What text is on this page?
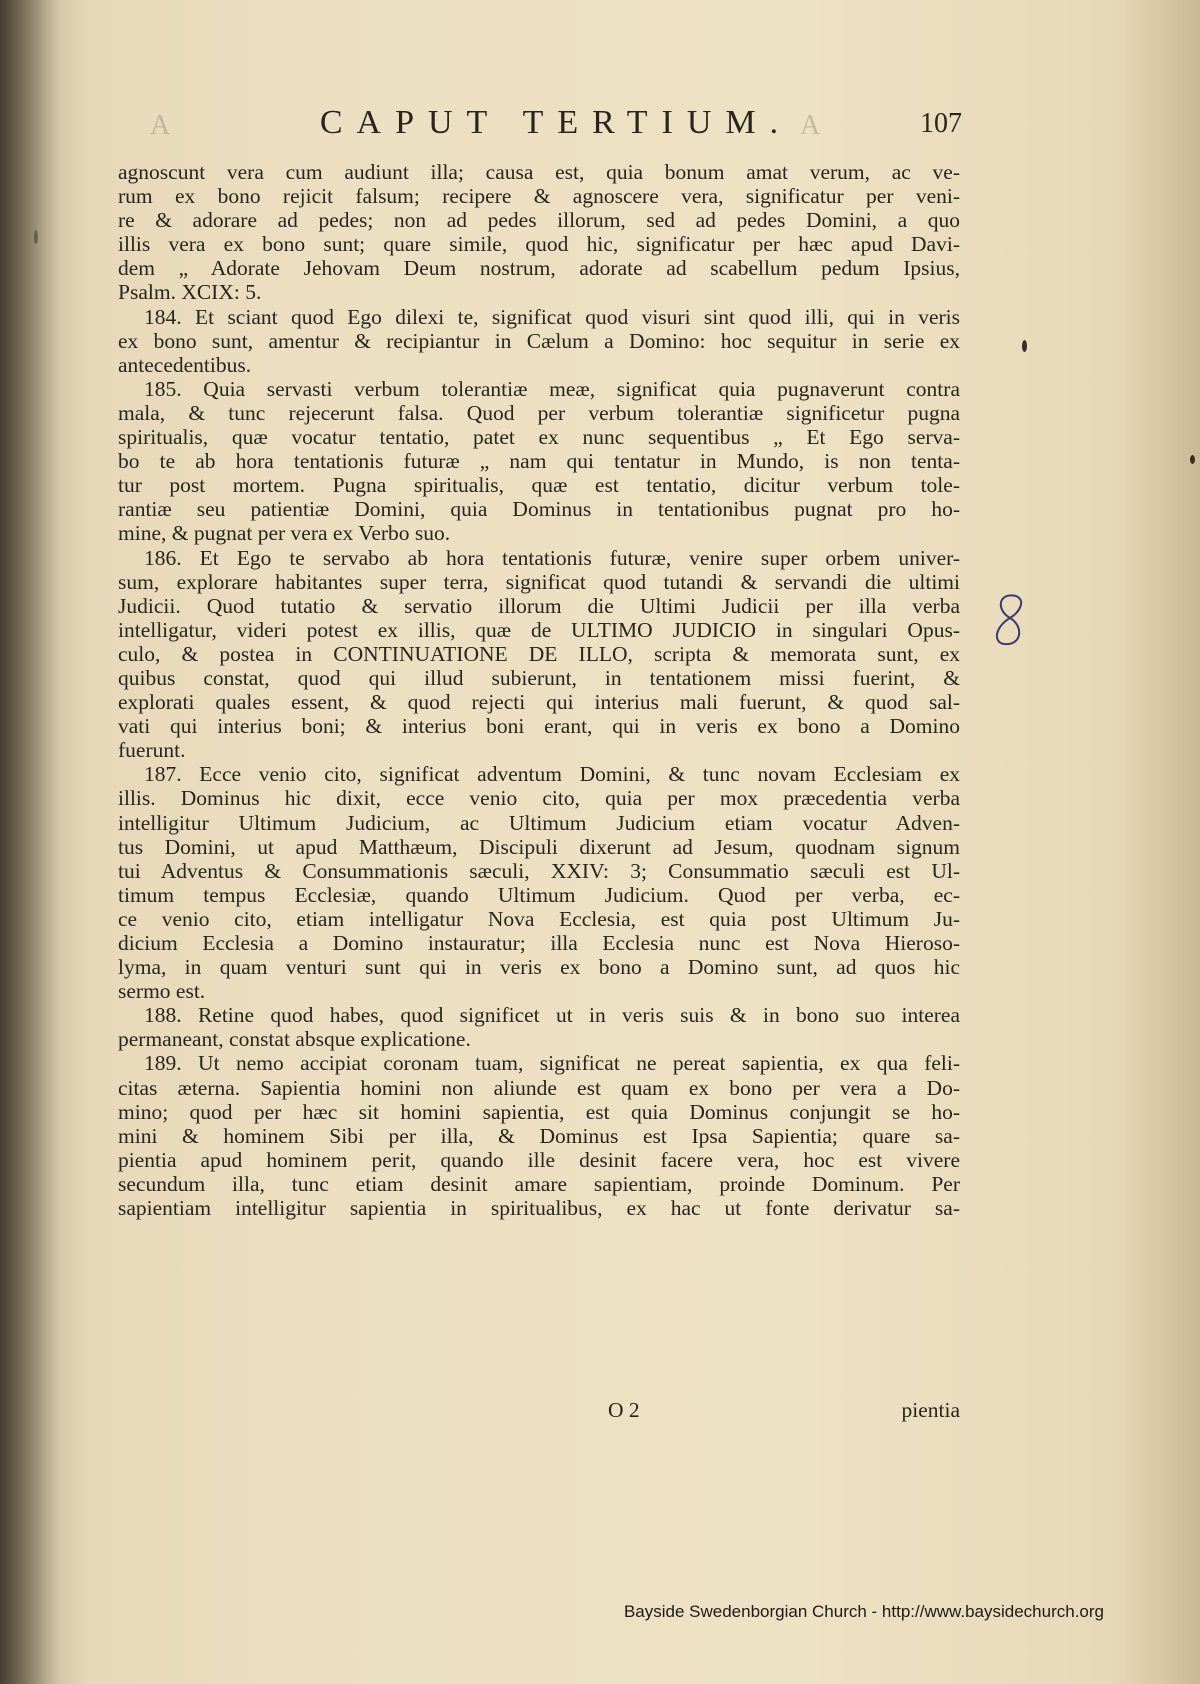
A	CAPUT TERTIUM. A	107
agnoscunt vera cum audiunt illa; causa est, quia bonum amat verum, ac ve-
rum ex bono rejicit falsum; recipere & agnoscere vera, significatur per veni-
re & adorare ad pedes; non ad pedes illorum, sed ad pedes Domini, a quo
illis vera ex bono sunt; quare simile, quod hic, significatur per hæc apud Davi-
dem „ Adorate Jehovam Deum nostrum, adorate ad scabellum pedum Ipsius,
Psalm. XCIX: 5.
184. Et sciant quod Ego dilexi te, significat quod visuri sint quod illi, qui in veris
ex bono sunt, amentur & recipiantur in Cælum a Domino: hoc sequitur in serie ex
antecedentibus.
185. Quia servasti verbum tolerantiæ meæ, significat quia pugnaverunt contra
mala, & tunc rejecerunt falsa. Quod per verbum tolerantiæ significetur pugna
spiritualis, quæ vocatur tentatio, patet ex nunc sequentibus „ Et Ego serva-
bo te ab hora tentationis futuræ „ nam qui tentatur in Mundo, is non tenta-
tur post mortem. Pugna spiritualis, quæ est tentatio, dicitur verbum tole-
rantiæ seu patientiæ Domini, quia Dominus in tentationibus pugnat pro ho-
mine, & pugnat per vera ex Verbo suo.
186. Et Ego te servabo ab hora tentationis futuræ, venire super orbem univer-
sum, explorare habitantes super terra, significat quod tutandi & servandi die ultimi
Judicii. Quod tutatio & servatio illorum die Ultimi Judicii per illa verba
intelligatur, videri potest ex illis, quæ de ULTIMO JUDICIO in singulari Opus-
culo, & postea in CONTINUATIONE DE ILLO, scripta & memorata sunt, ex
quibus constat, quod qui illud subierunt, in tentationem missi fuerint, &
explorati quales essent, & quod rejecti qui interius mali fuerunt, & quod sal-
vati qui interius boni; & interius boni erant, qui in veris ex bono a Domino
fuerunt.
187. Ecce venio cito, significat adventum Domini, & tunc novam Ecclesiam ex
illis. Dominus hic dixit, ecce venio cito, quia per mox præcedentia verba
intelligitur Ultimum Judicium, ac Ultimum Judicium etiam vocatur Adven-
tus Domini, ut apud Matthæum, Discipuli dixerunt ad Jesum, quodnam signum
tui Adventus & Consummationis sæculi, XXIV: 3; Consummatio sæculi est Ul-
timum tempus Ecclesiæ, quando Ultimum Judicium. Quod per verba, ec-
ce venio cito, etiam intelligatur Nova Ecclesia, est quia post Ultimum Ju-
dicium Ecclesia a Domino instauratur; illa Ecclesia nunc est Nova Hieroso-
lyma, in quam venturi sunt qui in veris ex bono a Domino sunt, ad quos hic
sermo est.
188. Retine quod habes, quod significet ut in veris suis & in bono suo interea
permaneant, constat absque explicatione.
189. Ut nemo accipiat coronam tuam, significat ne pereat sapientia, ex qua feli-
citas æterna. Sapientia homini non aliunde est quam ex bono per vera a Do-
mino; quod per hæc sit homini sapientia, est quia Dominus conjungit se ho-
mini & hominem Sibi per illa, & Dominus est Ipsa Sapientia; quare sa-
pientia apud hominem perit, quando ille desinit facere vera, hoc est vivere
secundum illa, tunc etiam desinit amare sapientiam, proinde Dominum. Per
sapientiam intelligitur sapientia in spiritualibus, ex hac ut fonte derivatur sa-
O 2	pientia
Bayside Swedenborgian Church - http://www.baysidechurch.org
